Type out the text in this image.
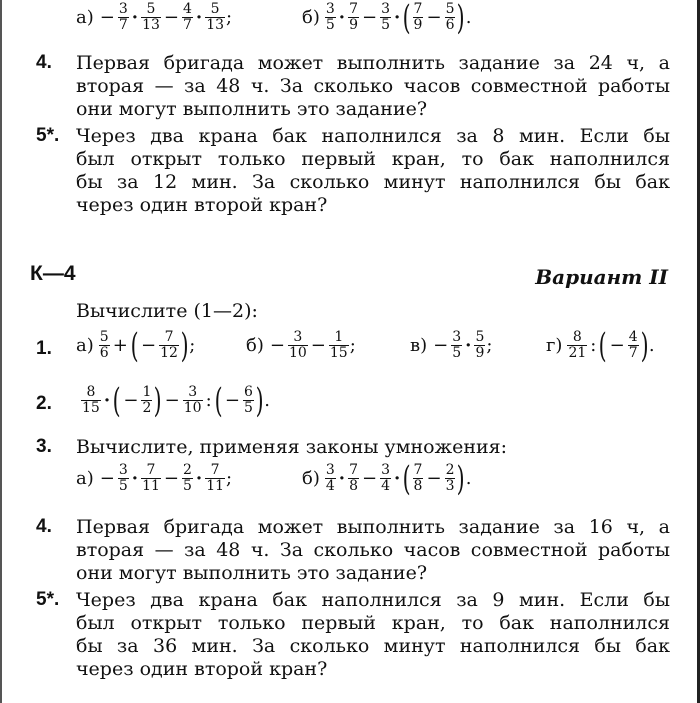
$а) - \frac{3}{7} \cdot \frac{5}{13} - \frac{4}{7} \cdot \frac{5}{13}$ ;	$б) \frac{3}{5} \cdot \frac{7}{9} - \frac{3}{5}$ · ( $\frac{7}{9} - \frac{5}{6}$ ) .
4. Первая бригада может выполнить задание за 24 ч, а
вторая — за 48 ч. За сколько часов совместной работы
они могут выполнить это задание?
5*. Через два крана бак наполнился за 8 мин. Если бы
был открыт только первый кран, то бак наполнился
бы за 12 мин. За сколько минут наполнился бы бак
через один второй кран?
К—4	Вариант II
Вычислите (1—2):
1. $а) \frac{5}{6}$ + ( − $\frac{7}{12}$ ) ;	$б) - \frac{3}{10} - \frac{1}{15}$ ;	$в) - \frac{3}{5} \cdot \frac{5}{9}$ ;	$г) \frac{8}{21}$ : ( − $\frac{4}{7}$ ) .
2. $\frac{8}{15}$ · ( − $\frac{1}{2}$ ) − $\frac{3}{10}$ : ( − $\frac{6}{5}$ ) .
3. Вычислите, применяя законы умножения:
$а) - \frac{3}{5} \cdot \frac{7}{11} - \frac{2}{5} \cdot \frac{7}{11}$ ;	$б) \frac{3}{4} \cdot \frac{7}{8} - \frac{3}{4}$ · ( $\frac{7}{8} - \frac{2}{3}$ ) .
4. Первая бригада может выполнить задание за 16 ч, а
вторая — за 48 ч. За сколько часов совместной работы
они могут выполнить это задание?
5*. Через два крана бак наполнился за 9 мин. Если бы
был открыт только первый кран, то бак наполнился
бы за 36 мин. За сколько минут наполнился бы бак
через один второй кран?
